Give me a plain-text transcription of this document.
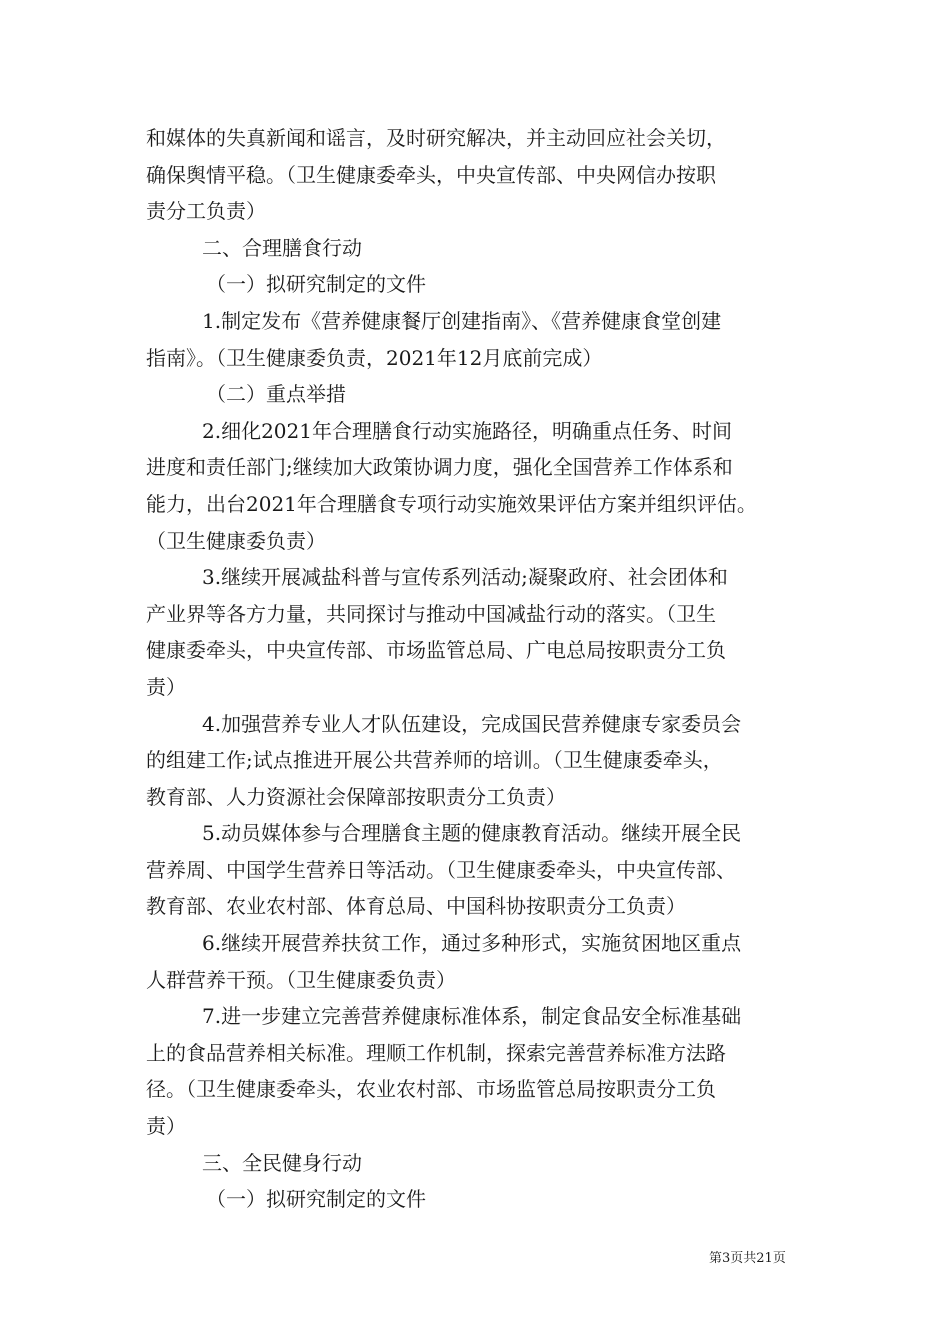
和媒体的失真新闻和谣言，及时研究解决，并主动回应社会关切，
确保舆情平稳。（卫生健康委牵头，中央宣传部、中央网信办按职
责分工负责）
二、合理膳食行动
（一）拟研究制定的文件
1.制定发布《营养健康餐厅创建指南》、《营养健康食堂创建
指南》。（卫生健康委负责，2021年12月底前完成）
（二）重点举措
2.细化2021年合理膳食行动实施路径，明确重点任务、时间
进度和责任部门;继续加大政策协调力度，强化全国营养工作体系和
能力，出台2021年合理膳食专项行动实施效果评估方案并组织评估。
（卫生健康委负责）
3.继续开展减盐科普与宣传系列活动;凝聚政府、社会团体和
产业界等各方力量，共同探讨与推动中国减盐行动的落实。（卫生
健康委牵头，中央宣传部、市场监管总局、广电总局按职责分工负
责）
4.加强营养专业人才队伍建设，完成国民营养健康专家委员会
的组建工作;试点推进开展公共营养师的培训。（卫生健康委牵头，
教育部、人力资源社会保障部按职责分工负责）
5.动员媒体参与合理膳食主题的健康教育活动。继续开展全民
营养周、中国学生营养日等活动。（卫生健康委牵头，中央宣传部、
教育部、农业农村部、体育总局、中国科协按职责分工负责）
6.继续开展营养扶贫工作，通过多种形式，实施贫困地区重点
人群营养干预。（卫生健康委负责）
7.进一步建立完善营养健康标准体系，制定食品安全标准基础
上的食品营养相关标准。理顺工作机制，探索完善营养标准方法路
径。（卫生健康委牵头，农业农村部、市场监管总局按职责分工负
责）
三、全民健身行动
（一）拟研究制定的文件
第3页共21页
